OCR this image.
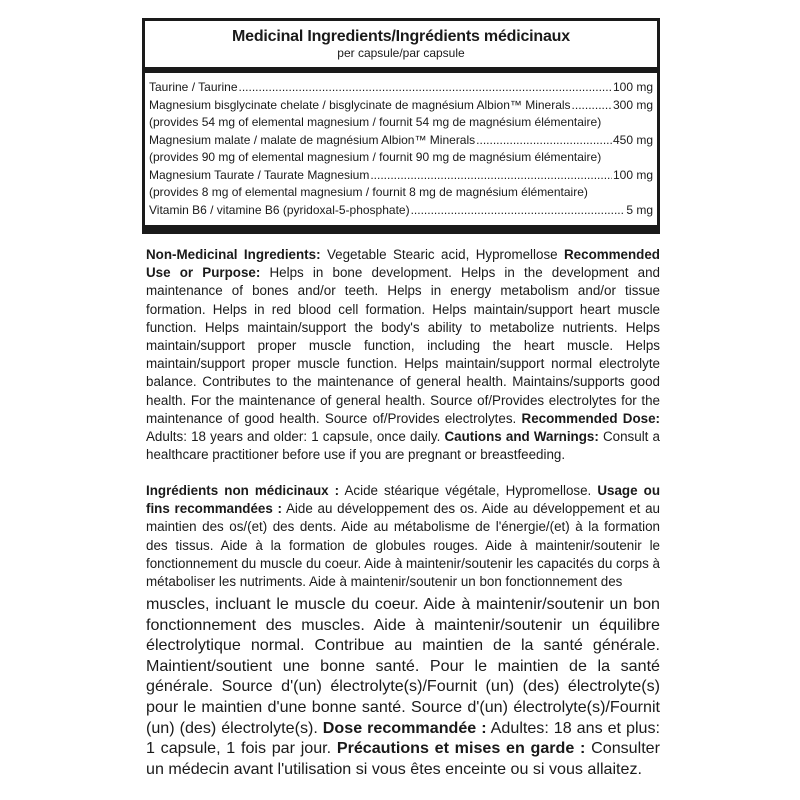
Medicinal Ingredients/Ingrédients médicinaux
per capsule/par capsule
Taurine / Taurine .....	100 mg
Magnesium bisglycinate chelate / bisglycinate de magnésium Albion™ Minerals .....	300 mg
(provides 54 mg of elemental magnesium / fournit 54 mg de magnésium élémentaire)
Magnesium malate / malate de magnésium Albion™ Minerals .....	450 mg
(provides 90 mg of elemental magnesium / fournit 90 mg de magnésium élémentaire)
Magnesium Taurate / Taurate Magnesium .....	100 mg
(provides 8 mg of elemental magnesium / fournit 8 mg de magnésium élémentaire)
Vitamin B6 / vitamine B6 (pyridoxal-5-phosphate) .....	5 mg
Non-Medicinal Ingredients: Vegetable Stearic acid, Hypromellose Recommended Use or Purpose: Helps in bone development. Helps in the development and maintenance of bones and/or teeth. Helps in energy metabolism and/or tissue formation. Helps in red blood cell formation. Helps maintain/support heart muscle function. Helps maintain/support the body's ability to metabolize nutrients. Helps maintain/support proper muscle function, including the heart muscle. Helps maintain/support proper muscle function. Helps maintain/support normal electrolyte balance. Contributes to the maintenance of general health. Maintains/supports good health. For the maintenance of general health. Source of/Provides electrolytes for the maintenance of good health. Source of/Provides electrolytes. Recommended Dose: Adults: 18 years and older: 1 capsule, once daily. Cautions and Warnings: Consult a healthcare practitioner before use if you are pregnant or breastfeeding.
Ingrédients non médicinaux : Acide stéarique végétale, Hypromellose. Usage ou fins recommandées : Aide au développement des os. Aide au développement et au maintien des os/(et) des dents. Aide au métabolisme de l'énergie/(et) à la formation des tissus. Aide à la formation de globules rouges. Aide à maintenir/soutenir le fonctionnement du muscle du coeur. Aide à maintenir/soutenir les capacités du corps à métaboliser les nutriments. Aide à maintenir/soutenir un bon fonctionnement des
muscles, incluant le muscle du coeur. Aide à maintenir/soutenir un bon fonctionnement des muscles. Aide à maintenir/soutenir un équilibre électrolytique normal. Contribue au maintien de la santé générale. Maintient/soutient une bonne santé. Pour le maintien de la santé générale. Source d'(un) électrolyte(s)/Fournit (un) (des) électrolyte(s) pour le maintien d'une bonne santé. Source d'(un) électrolyte(s)/Fournit (un) (des) électrolyte(s). Dose recommandée : Adultes: 18 ans et plus: 1 capsule, 1 fois par jour. Précautions et mises en garde : Consulter un médecin avant l'utilisation si vous êtes enceinte ou si vous allaitez.
